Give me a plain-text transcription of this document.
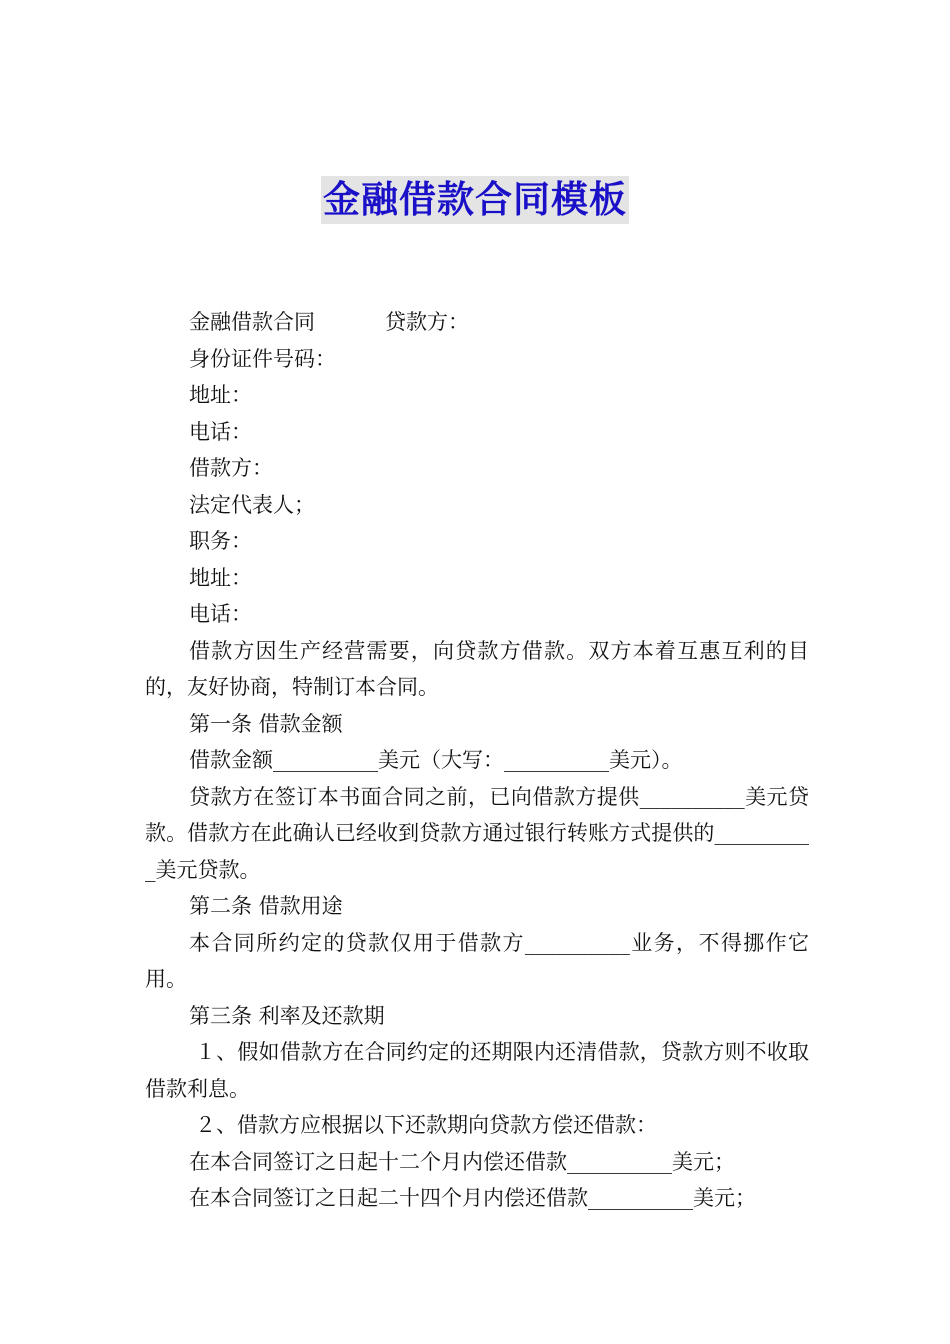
金融借款合同模板

金融借款合同	贷款方：

身份证件号码：

地址：

电话：

借款方：

法定代表人；

职务：

地址：

电话：

借款方因生产经营需要，向贷款方借款。双方本着互惠互利的目的，友好协商，特制订本合同。

第一条 借款金额

借款金额__________美元（大写：__________美元）。

贷款方在签订本书面合同之前，已向借款方提供__________美元贷款。借款方在此确认已经收到贷款方通过银行转账方式提供的__________美元贷款。

第二条 借款用途

本合同所约定的贷款仅用于借款方__________业务，不得挪作它用。

第三条 利率及还款期

１、假如借款方在合同约定的还期限内还清借款，贷款方则不收取借款利息。

２、借款方应根据以下还款期向贷款方偿还借款：

在本合同签订之日起十二个月内偿还借款__________美元；

在本合同签订之日起二十四个月内偿还借款__________美元；
